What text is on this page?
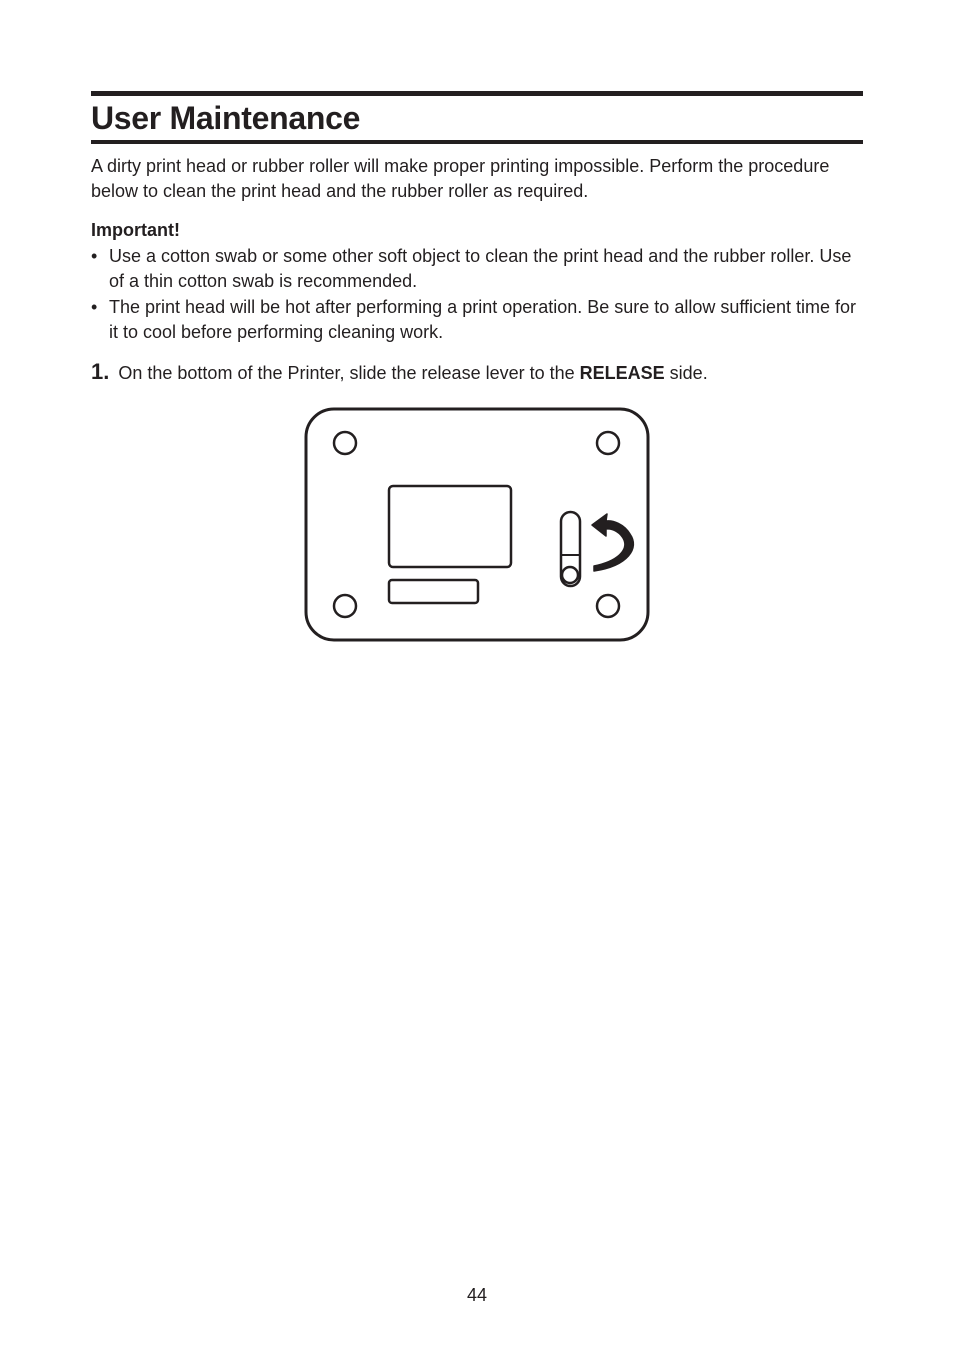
User Maintenance

A dirty print head or rubber roller will make proper printing impossible. Perform the procedure below to clean the print head and the rubber roller as required.

Important!

• Use a cotton swab or some other soft object to clean the print head and the rubber roller. Use of a thin cotton swab is recommended.
• The print head will be hot after performing a print operation. Be sure to allow sufficient time for it to cool before performing cleaning work.

1. On the bottom of the Printer, slide the release lever to the RELEASE side.

44
